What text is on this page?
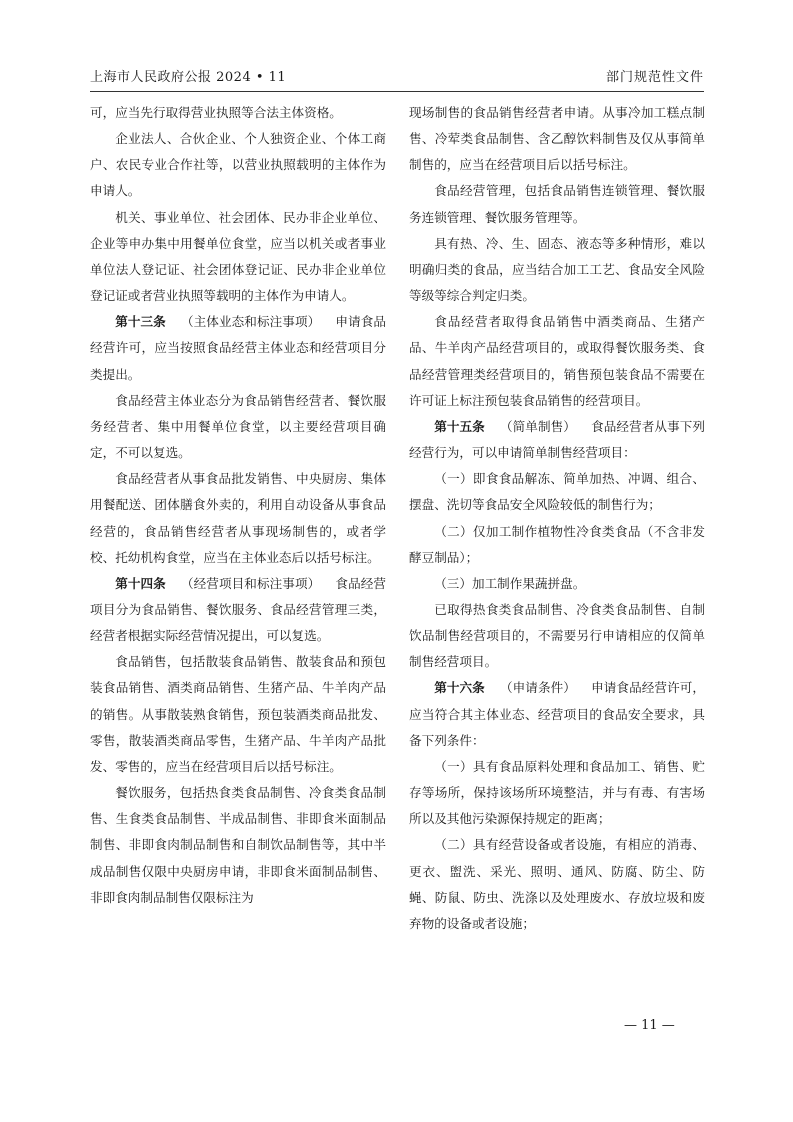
上海市人民政府公报 2024 • 11	部门规范性文件

可，应当先行取得营业执照等合法主体资格。

企业法人、合伙企业、个人独资企业、个体工商户、农民专业合作社等，以营业执照载明的主体作为申请人。

机关、事业单位、社会团体、民办非企业单位、企业等申办集中用餐单位食堂，应当以机关或者事业单位法人登记证、社会团体登记证、民办非企业单位登记证或者营业执照等载明的主体作为申请人。

第十三条 （主体业态和标注事项） 申请食品经营许可，应当按照食品经营主体业态和经营项目分类提出。

食品经营主体业态分为食品销售经营者、餐饮服务经营者、集中用餐单位食堂，以主要经营项目确定，不可以复选。

食品经营者从事食品批发销售、中央厨房、集体用餐配送、团体膳食外卖的，利用自动设备从事食品经营的，食品销售经营者从事现场制售的，或者学校、托幼机构食堂，应当在主体业态后以括号标注。

第十四条 （经营项目和标注事项） 食品经营项目分为食品销售、餐饮服务、食品经营管理三类，经营者根据实际经营情况提出，可以复选。

食品销售，包括散装食品销售、散装食品和预包装食品销售、酒类商品销售、生猪产品、牛羊肉产品的销售。从事散装熟食销售，预包装酒类商品批发、零售，散装酒类商品零售，生猪产品、牛羊肉产品批发、零售的，应当在经营项目后以括号标注。

餐饮服务，包括热食类食品制售、冷食类食品制售、生食类食品制售、半成品制售、非即食米面制品制售、非即食肉制品制售和自制饮品制售等，其中半成品制售仅限中央厨房申请，非即食米面制品制售、非即食肉制品制售仅限标注为

现场制售的食品销售经营者申请。从事冷加工糕点制售、冷荤类食品制售、含乙醇饮料制售及仅从事简单制售的，应当在经营项目后以括号标注。

食品经营管理，包括食品销售连锁管理、餐饮服务连锁管理、餐饮服务管理等。

具有热、冷、生、固态、液态等多种情形，难以明确归类的食品，应当结合加工工艺、食品安全风险等级等综合判定归类。

食品经营者取得食品销售中酒类商品、生猪产品、牛羊肉产品经营项目的，或取得餐饮服务类、食品经营管理类经营项目的，销售预包装食品不需要在许可证上标注预包装食品销售的经营项目。

第十五条 （简单制售） 食品经营者从事下列经营行为，可以申请简单制售经营项目：

（一）即食食品解冻、简单加热、冲调、组合、摆盘、洗切等食品安全风险较低的制售行为；

（二）仅加工制作植物性冷食类食品（不含非发酵豆制品）；

（三）加工制作果蔬拼盘。

已取得热食类食品制售、冷食类食品制售、自制饮品制售经营项目的，不需要另行申请相应的仅简单制售经营项目。

第十六条 （申请条件） 申请食品经营许可，应当符合其主体业态、经营项目的食品安全要求，具备下列条件：

（一）具有食品原料处理和食品加工、销售、贮存等场所，保持该场所环境整洁，并与有毒、有害场所以及其他污染源保持规定的距离；

（二）具有经营设备或者设施，有相应的消毒、更衣、盥洗、采光、照明、通风、防腐、防尘、防蝇、防鼠、防虫、洗涤以及处理废水、存放垃圾和废弃物的设备或者设施；

— 11 —
